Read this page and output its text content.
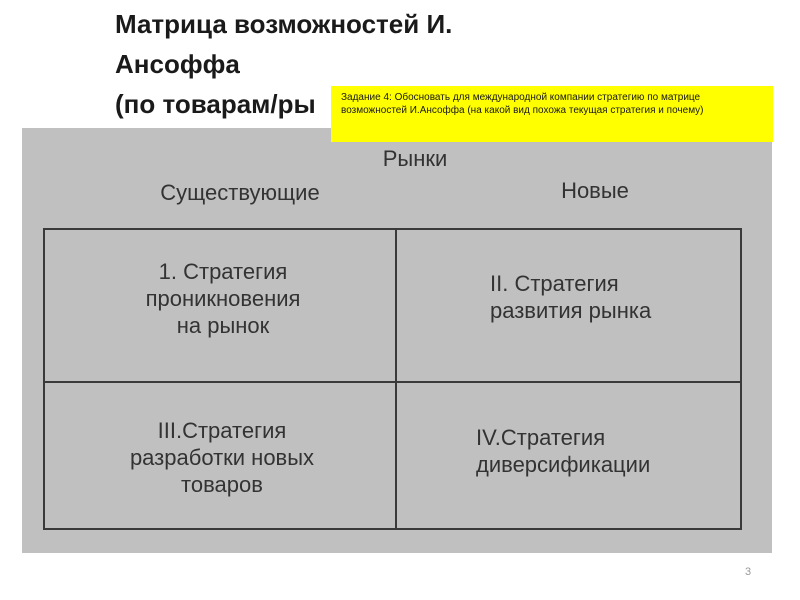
Матрица возможностей И.
Ансоффа
(по товарам/ры
Рынки
Существующие	Новые
1. Стратегия
проникновения
на рынок
II. Стратегия
развития рынка
III.Стратегия
разработки новых
товаров
IV.Стратегия
диверсификации
Задание 4: Обосновать для международной компании стратегию по матрице возможностей И.Ансоффа (на какой вид похожа текущая стратегия и почему)
3
